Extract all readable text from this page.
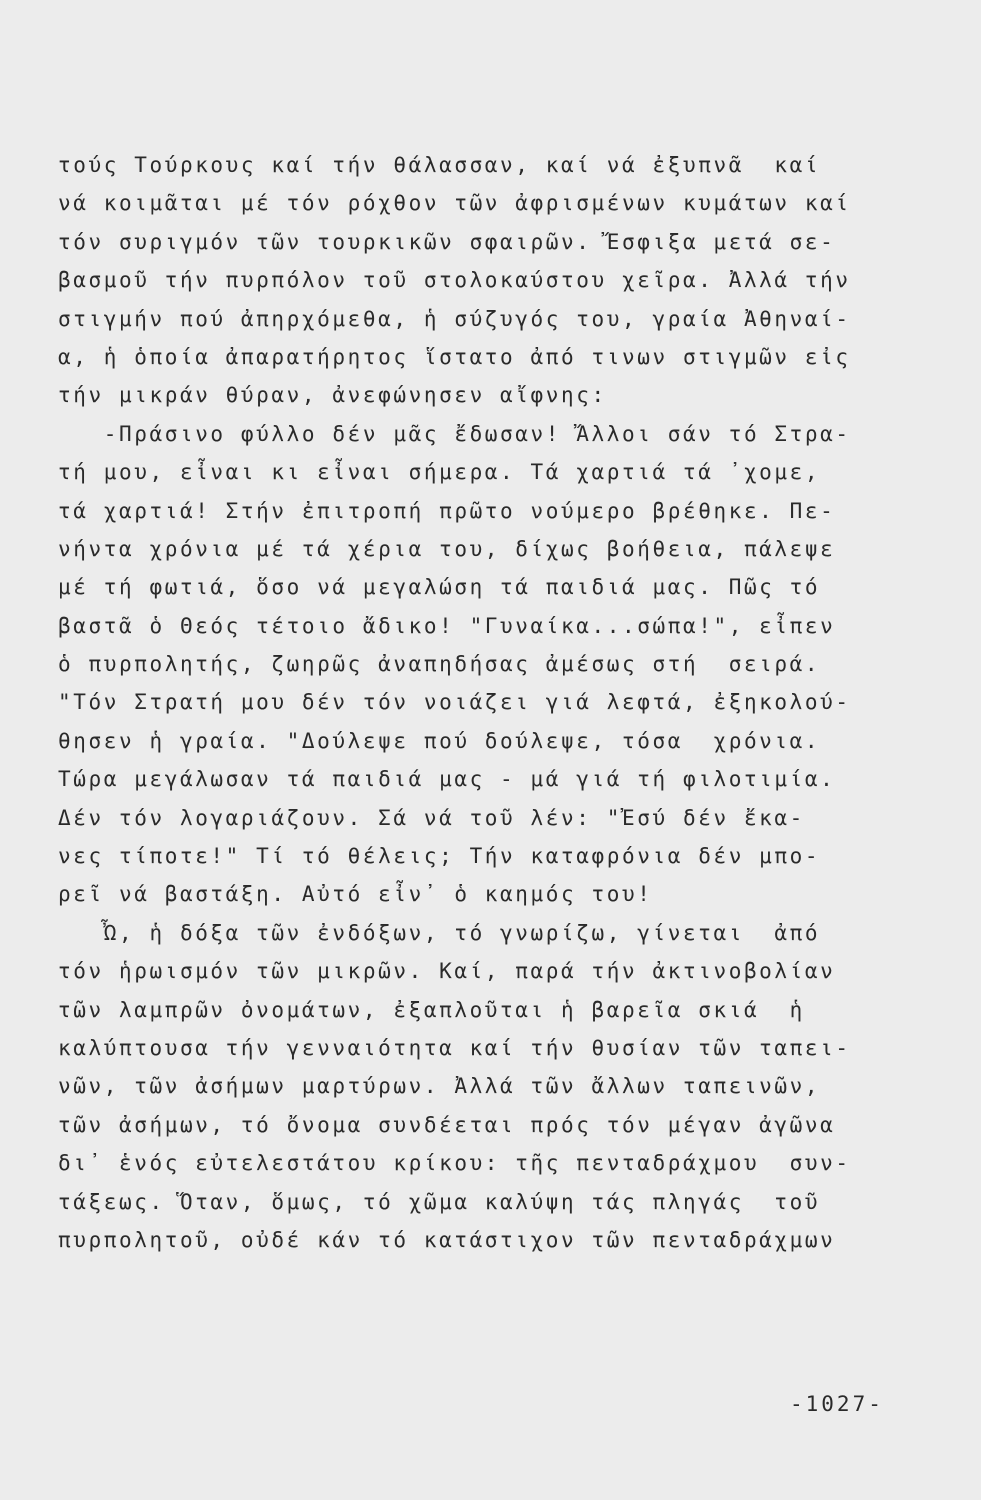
τούς Τούρκους καί τήν θάλασσαν, καί νά ἐξυπνᾶ  καί
νά κοιμᾶται μέ τόν ρόχθον τῶν ἀφρισμένων κυμάτων καί
τόν συριγμόν τῶν τουρκικῶν σφαιρῶν. Ἔσφιξα μετά σε-
βασμοῦ τήν πυρπόλον τοῦ στολοκαύστου χεῖρα. Ἀλλά τήν
στιγμήν πού ἀπηρχόμεθα, ἡ σύζυγός του, γραία Ἀθηναί-
α, ἡ ὁποία ἀπαρατήρητος ἵστατο ἀπό τινων στιγμῶν εἰς
τήν μικράν θύραν, ἀνεφώνησεν αἴφνης:
-Πράσινο φύλλο δέν μᾶς ἔδωσαν! Ἄλλοι σάν τό Στρα-
τή μου, εἶναι κι εἶναι σήμερα. Τά χαρτιά τά ᾽χομε,
τά χαρτιά! Στήν ἐπιτροπή πρῶτο νούμερο βρέθηκε. Πε-
νήντα χρόνια μέ τά χέρια του, δίχως βοήθεια, πάλεψε
μέ τή φωτιά, ὅσο νά μεγαλώση τά παιδιά μας. Πῶς τό
βαστᾶ ὁ Θεός τέτοιο ἄδικο! "Γυναίκα...σώπα!", εἶπεν
ὁ πυρπολητής, ζωηρῶς ἀναπηδήσας ἀμέσως στή  σειρά.
"Τόν Στρατή μου δέν τόν νοιάζει γιά λεφτά, ἐξηκολού-
θησεν ἡ γραία. "Δούλεψε πού δούλεψε, τόσα  χρόνια.
Τώρα μεγάλωσαν τά παιδιά μας - μά γιά τή φιλοτιμία.
Δέν τόν λογαριάζουν. Σά νά τοῦ λέν: "Ἐσύ δέν ἔκα-
νες τίποτε!" Τί τό θέλεις; Τήν καταφρόνια δέν μπο-
ρεῖ νά βαστάξη. Αὐτό εἶν᾽ ὁ καημός του!
Ὦ, ἡ δόξα τῶν ἐνδόξων, τό γνωρίζω, γίνεται  ἀπό
τόν ἡρωισμόν τῶν μικρῶν. Καί, παρά τήν ἀκτινοβολίαν
τῶν λαμπρῶν ὀνομάτων, ἐξαπλοῦται ἡ βαρεῖα σκιά  ἡ
καλύπτουσα τήν γενναιότητα καί τήν θυσίαν τῶν ταπει-
νῶν, τῶν ἀσήμων μαρτύρων. Ἀλλά τῶν ἄλλων ταπεινῶν,
τῶν ἀσήμων, τό ὄνομα συνδέεται πρός τόν μέγαν ἀγῶνα
δι᾽ ἑνός εὐτελεστάτου κρίκου: τῆς πενταδράχμου  συν-
τάξεως. Ὅταν, ὅμως, τό χῶμα καλύψη τάς πληγάς  τοῦ
πυρπολητοῦ, οὐδέ κάν τό κατάστιχον τῶν πενταδράχμων
-1027-
